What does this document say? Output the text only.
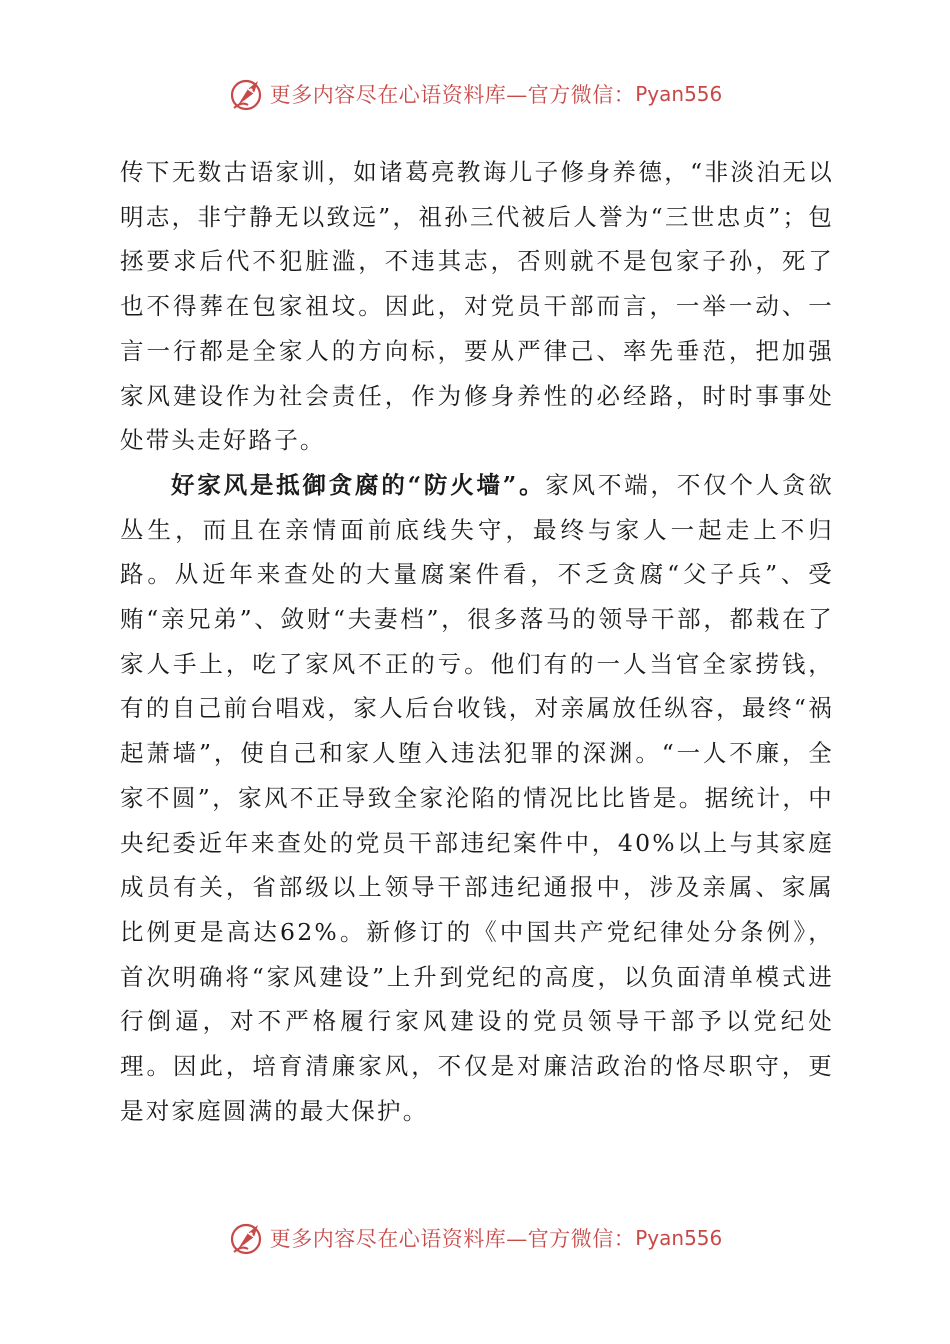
更多内容尽在心语资料库—官方微信： Pyan556

传下无数古语家训，如诸葛亮教诲儿子修身养德，“非淡泊无以明志，非宁静无以致远”，祖孙三代被后人誉为“三世忠贞”；包拯要求后代不犯脏滥，不违其志，否则就不是包家子孙，死了也不得葬在包家祖坟。因此，对党员干部而言，一举一动、一言一行都是全家人的方向标，要从严律己、率先垂范，把加强家风建设作为社会责任，作为修身养性的必经路，时时事事处处带头走好路子。

好家风是抵御贪腐的“防火墙”。家风不端，不仅个人贪欲丛生，而且在亲情面前底线失守，最终与家人一起走上不归路。从近年来查处的大量腐案件看，不乏贪腐“父子兵”、受贿“亲兄弟”、敛财“夫妻档”，很多落马的领导干部，都栽在了家人手上，吃了家风不正的亏。他们有的一人当官全家捞钱，有的自己前台唱戏，家人后台收钱，对亲属放任纵容，最终“祸起萧墙”，使自己和家人堕入违法犯罪的深渊。“一人不廉，全家不圆”，家风不正导致全家沦陷的情况比比皆是。据统计，中央纪委近年来查处的党员干部违纪案件中，40%以上与其家庭成员有关，省部级以上领导干部违纪通报中，涉及亲属、家属比例更是高达62%。新修订的《中国共产党纪律处分条例》，首次明确将“家风建设”上升到党纪的高度，以负面清单模式进行倒逼，对不严格履行家风建设的党员领导干部予以党纪处理。因此，培育清廉家风，不仅是对廉洁政治的恪尽职守，更是对家庭圆满的最大保护。

更多内容尽在心语资料库—官方微信： Pyan556
